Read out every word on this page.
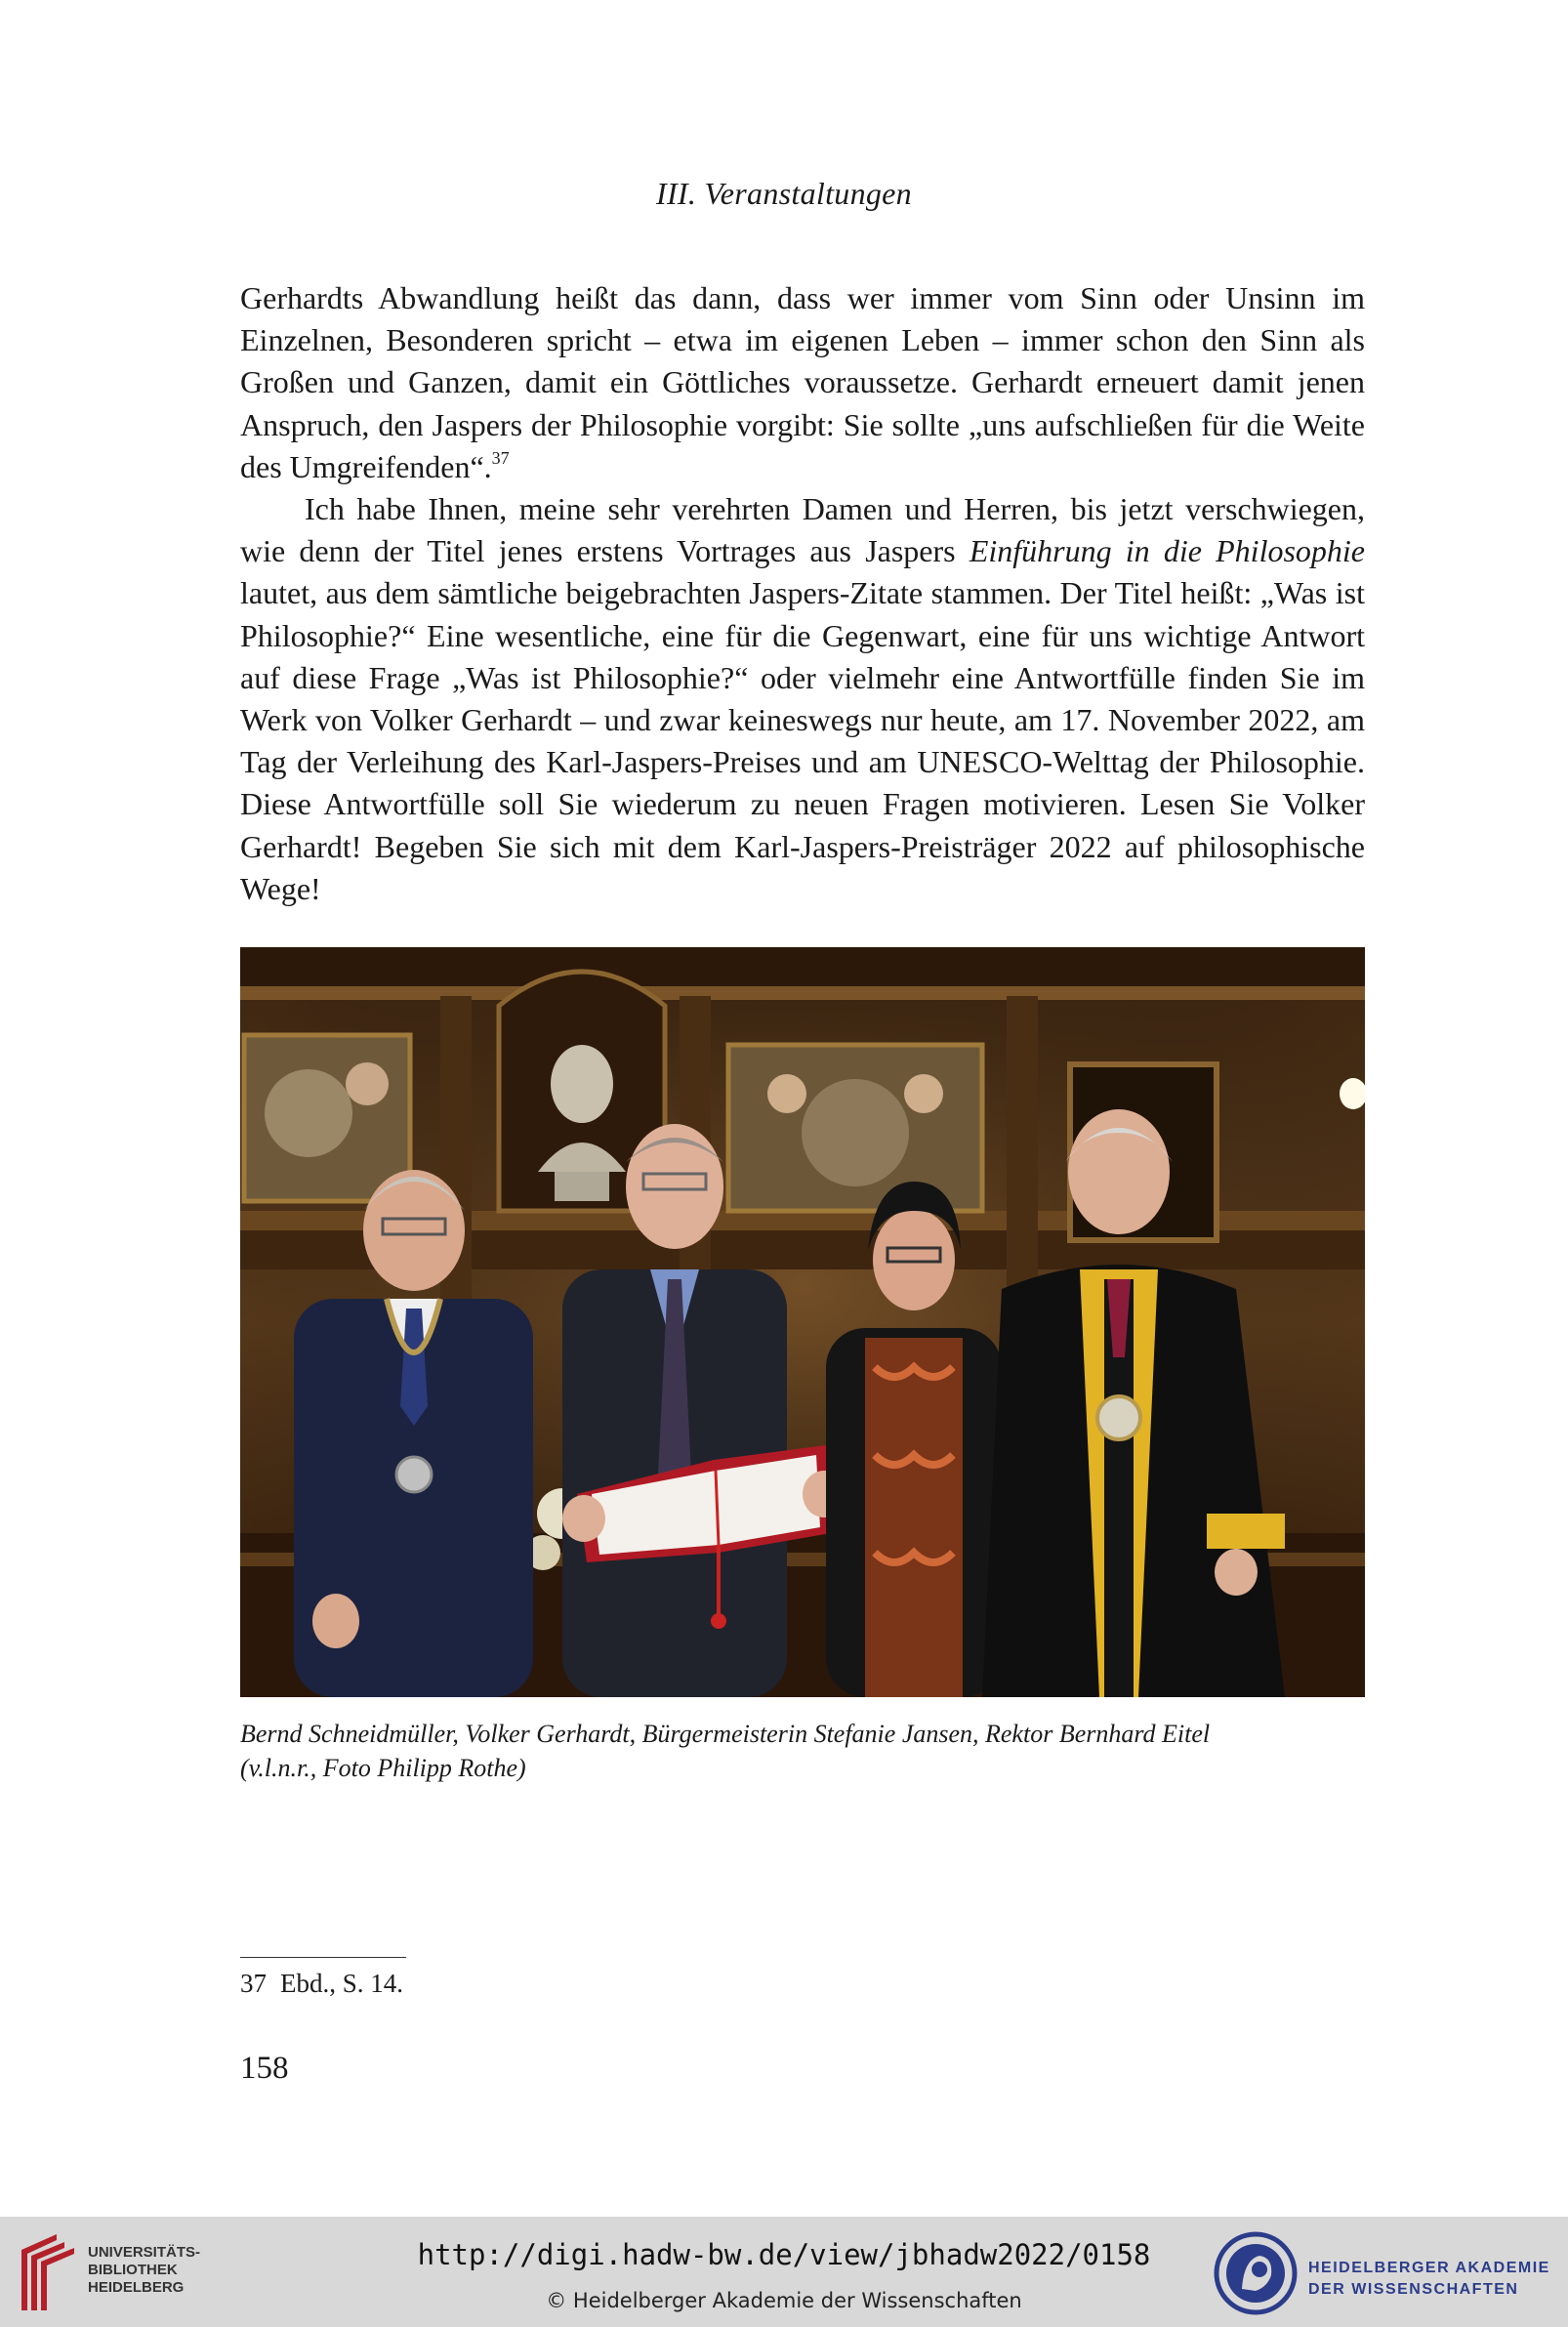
III. Veranstaltungen

Gerhardts Abwandlung heißt das dann, dass wer immer vom Sinn oder Unsinn im Einzelnen, Besonderen spricht – etwa im eigenen Leben – immer schon den Sinn als Großen und Ganzen, damit ein Göttliches voraussetze. Gerhardt erneuert damit jenen Anspruch, den Jaspers der Philosophie vorgibt: Sie sollte „uns aufschließen für die Weite des Umgreifenden“.$^{37}$

Ich habe Ihnen, meine sehr verehrten Damen und Herren, bis jetzt verschwiegen, wie denn der Titel jenes erstens Vortrages aus Jaspers Einführung in die Philosophie lautet, aus dem sämtliche beigebrachten Jaspers-Zitate stammen. Der Titel heißt: „Was ist Philosophie?“ Eine wesentliche, eine für die Gegenwart, eine für uns wichtige Antwort auf diese Frage „Was ist Philosophie?“ oder vielmehr eine Antwortfülle finden Sie im Werk von Volker Gerhardt – und zwar keineswegs nur heute, am 17. November 2022, am Tag der Verleihung des Karl-Jaspers-Preises und am UNESCO-Welttag der Philosophie. Diese Antwortfülle soll Sie wiederum zu neuen Fragen motivieren. Lesen Sie Volker Gerhardt! Begeben Sie sich mit dem Karl-Jaspers-Preisträger 2022 auf philosophische Wege!

Bernd Schneidmüller, Volker Gerhardt, Bürgermeisterin Stefanie Jansen, Rektor Bernhard Eitel
(v.l.n.r., Foto Philipp Rothe)
37 Ebd., S. 14.
158
UNIVERSITÄTS-
BIBLIOTHEK
HEIDELBERG
http://digi.hadw-bw.de/view/jbhadw2022/0158
© Heidelberger Akademie der Wissenschaften
HEIDELBERGER AKADEMIE
DER WISSENSCHAFTEN
